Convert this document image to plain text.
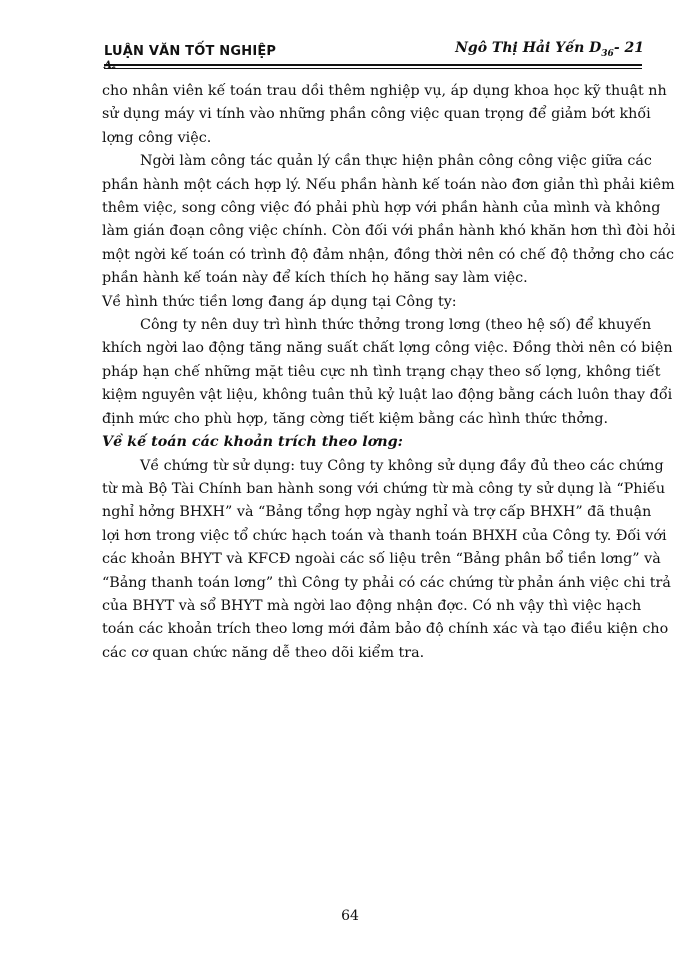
LUẬN VĂN TỐT NGHIỆP	Ngô Thị Hải Yến $D_{36}-$ 21
A₂
cho nhân viên kế toán trau dồi thêm nghiệp vụ, áp dụng khoa học kỹ thuật nh
sử dụng máy vi tính vào những phần công việc quan trọng để giảm bớt khối
lợng công việc.
Ngời làm công tác quản lý cần thực hiện phân công công việc giữa các
phần hành một cách hợp lý. Nếu phần hành kế toán nào đơn giản thì phải kiêm
thêm việc, song công việc đó phải phù hợp với phần hành của mình và không
làm gián đoạn công việc chính. Còn đối với phần hành khó khăn hơn thì đòi hỏi
một ngời kế toán có trình độ đảm nhận, đồng thời nên có chế độ thởng cho các
phần hành kế toán này để kích thích họ hăng say làm việc.
Về hình thức tiền lơng đang áp dụng tại Công ty:
Công ty nên duy trì hình thức thởng trong lơng (theo hệ số) để khuyến
khích ngời lao động tăng năng suất chất lợng công việc. Đồng thời nên có biện
pháp hạn chế những mặt tiêu cực nh tình trạng chạy theo số lợng, không tiết
kiệm nguyên vật liệu, không tuân thủ kỷ luật lao động bằng cách luôn thay đổi
định mức cho phù hợp, tăng cờng tiết kiệm bằng các hình thức thởng.
Về kế toán các khoản trích theo lơng:
Về chứng từ sử dụng: tuy Công ty không sử dụng đầy đủ theo các chứng
từ mà Bộ Tài Chính ban hành song với chứng từ mà công ty sử dụng là “Phiếu
nghỉ hởng BHXH” và “Bảng tổng hợp ngày nghỉ và trợ cấp BHXH” đã thuận
lợi hơn trong việc tổ chức hạch toán và thanh toán BHXH của Công ty. Đối với
các khoản BHYT và KFCĐ ngoài các số liệu trên “Bảng phân bổ tiền lơng” và
“Bảng thanh toán lơng” thì Công ty phải có các chứng từ phản ánh việc chi trả
của BHYT và sổ BHYT mà ngời lao động nhận đợc. Có nh vậy thì việc hạch
toán các khoản trích theo lơng mới đảm bảo độ chính xác và tạo điều kiện cho
các cơ quan chức năng dễ theo dõi kiểm tra.
64
